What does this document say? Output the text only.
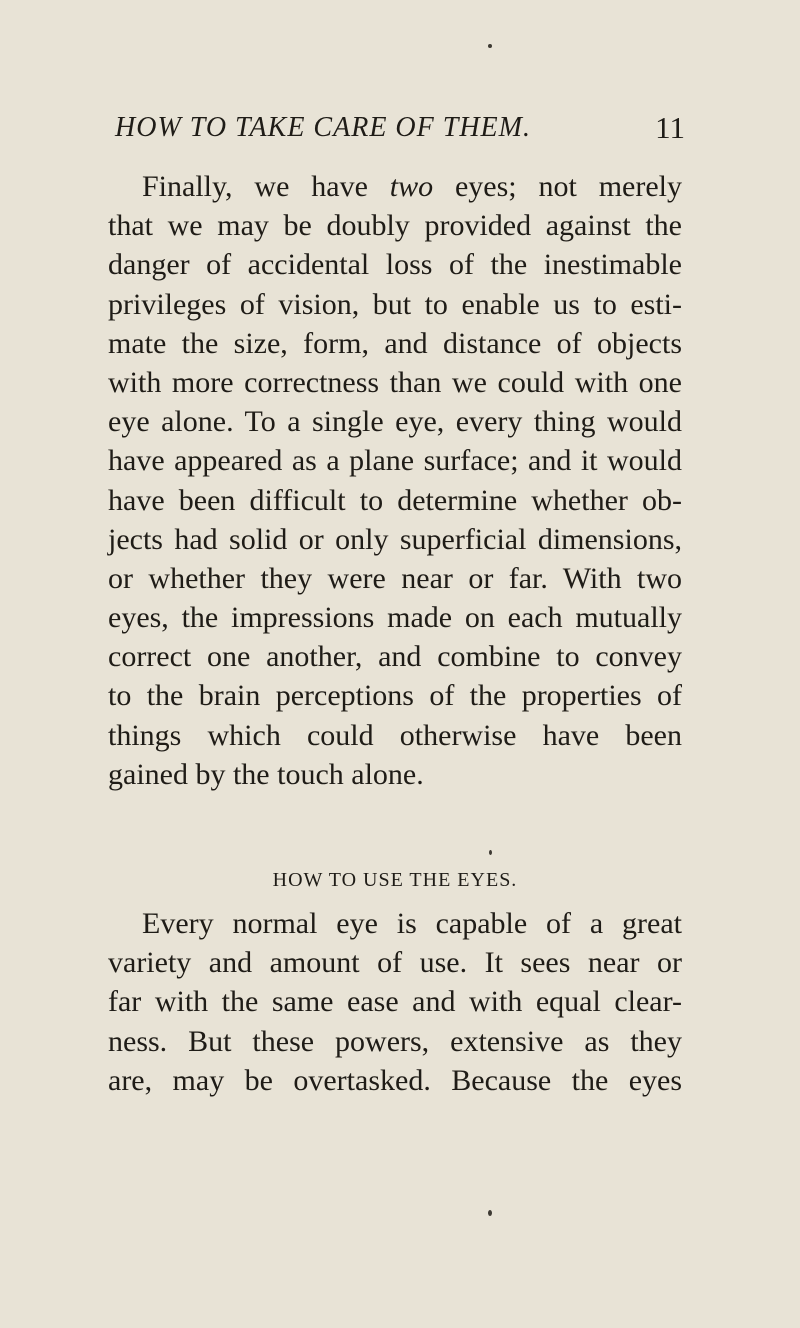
HOW TO TAKE CARE OF THEM.	11
Finally, we have two eyes; not merely
that we may be doubly provided against the
danger of accidental loss of the inestimable
privileges of vision, but to enable us to esti-
mate the size, form, and distance of objects
with more correctness than we could with one
eye alone. To a single eye, every thing would
have appeared as a plane surface; and it would
have been difficult to determine whether ob-
jects had solid or only superficial dimensions,
or whether they were near or far. With two
eyes, the impressions made on each mutually
correct one another, and combine to convey
to the brain perceptions of the properties of
things which could otherwise have been
gained by the touch alone.
HOW TO USE THE EYES.
Every normal eye is capable of a great
variety and amount of use. It sees near or
far with the same ease and with equal clear-
ness. But these powers, extensive as they
are, may be overtasked. Because the eyes
